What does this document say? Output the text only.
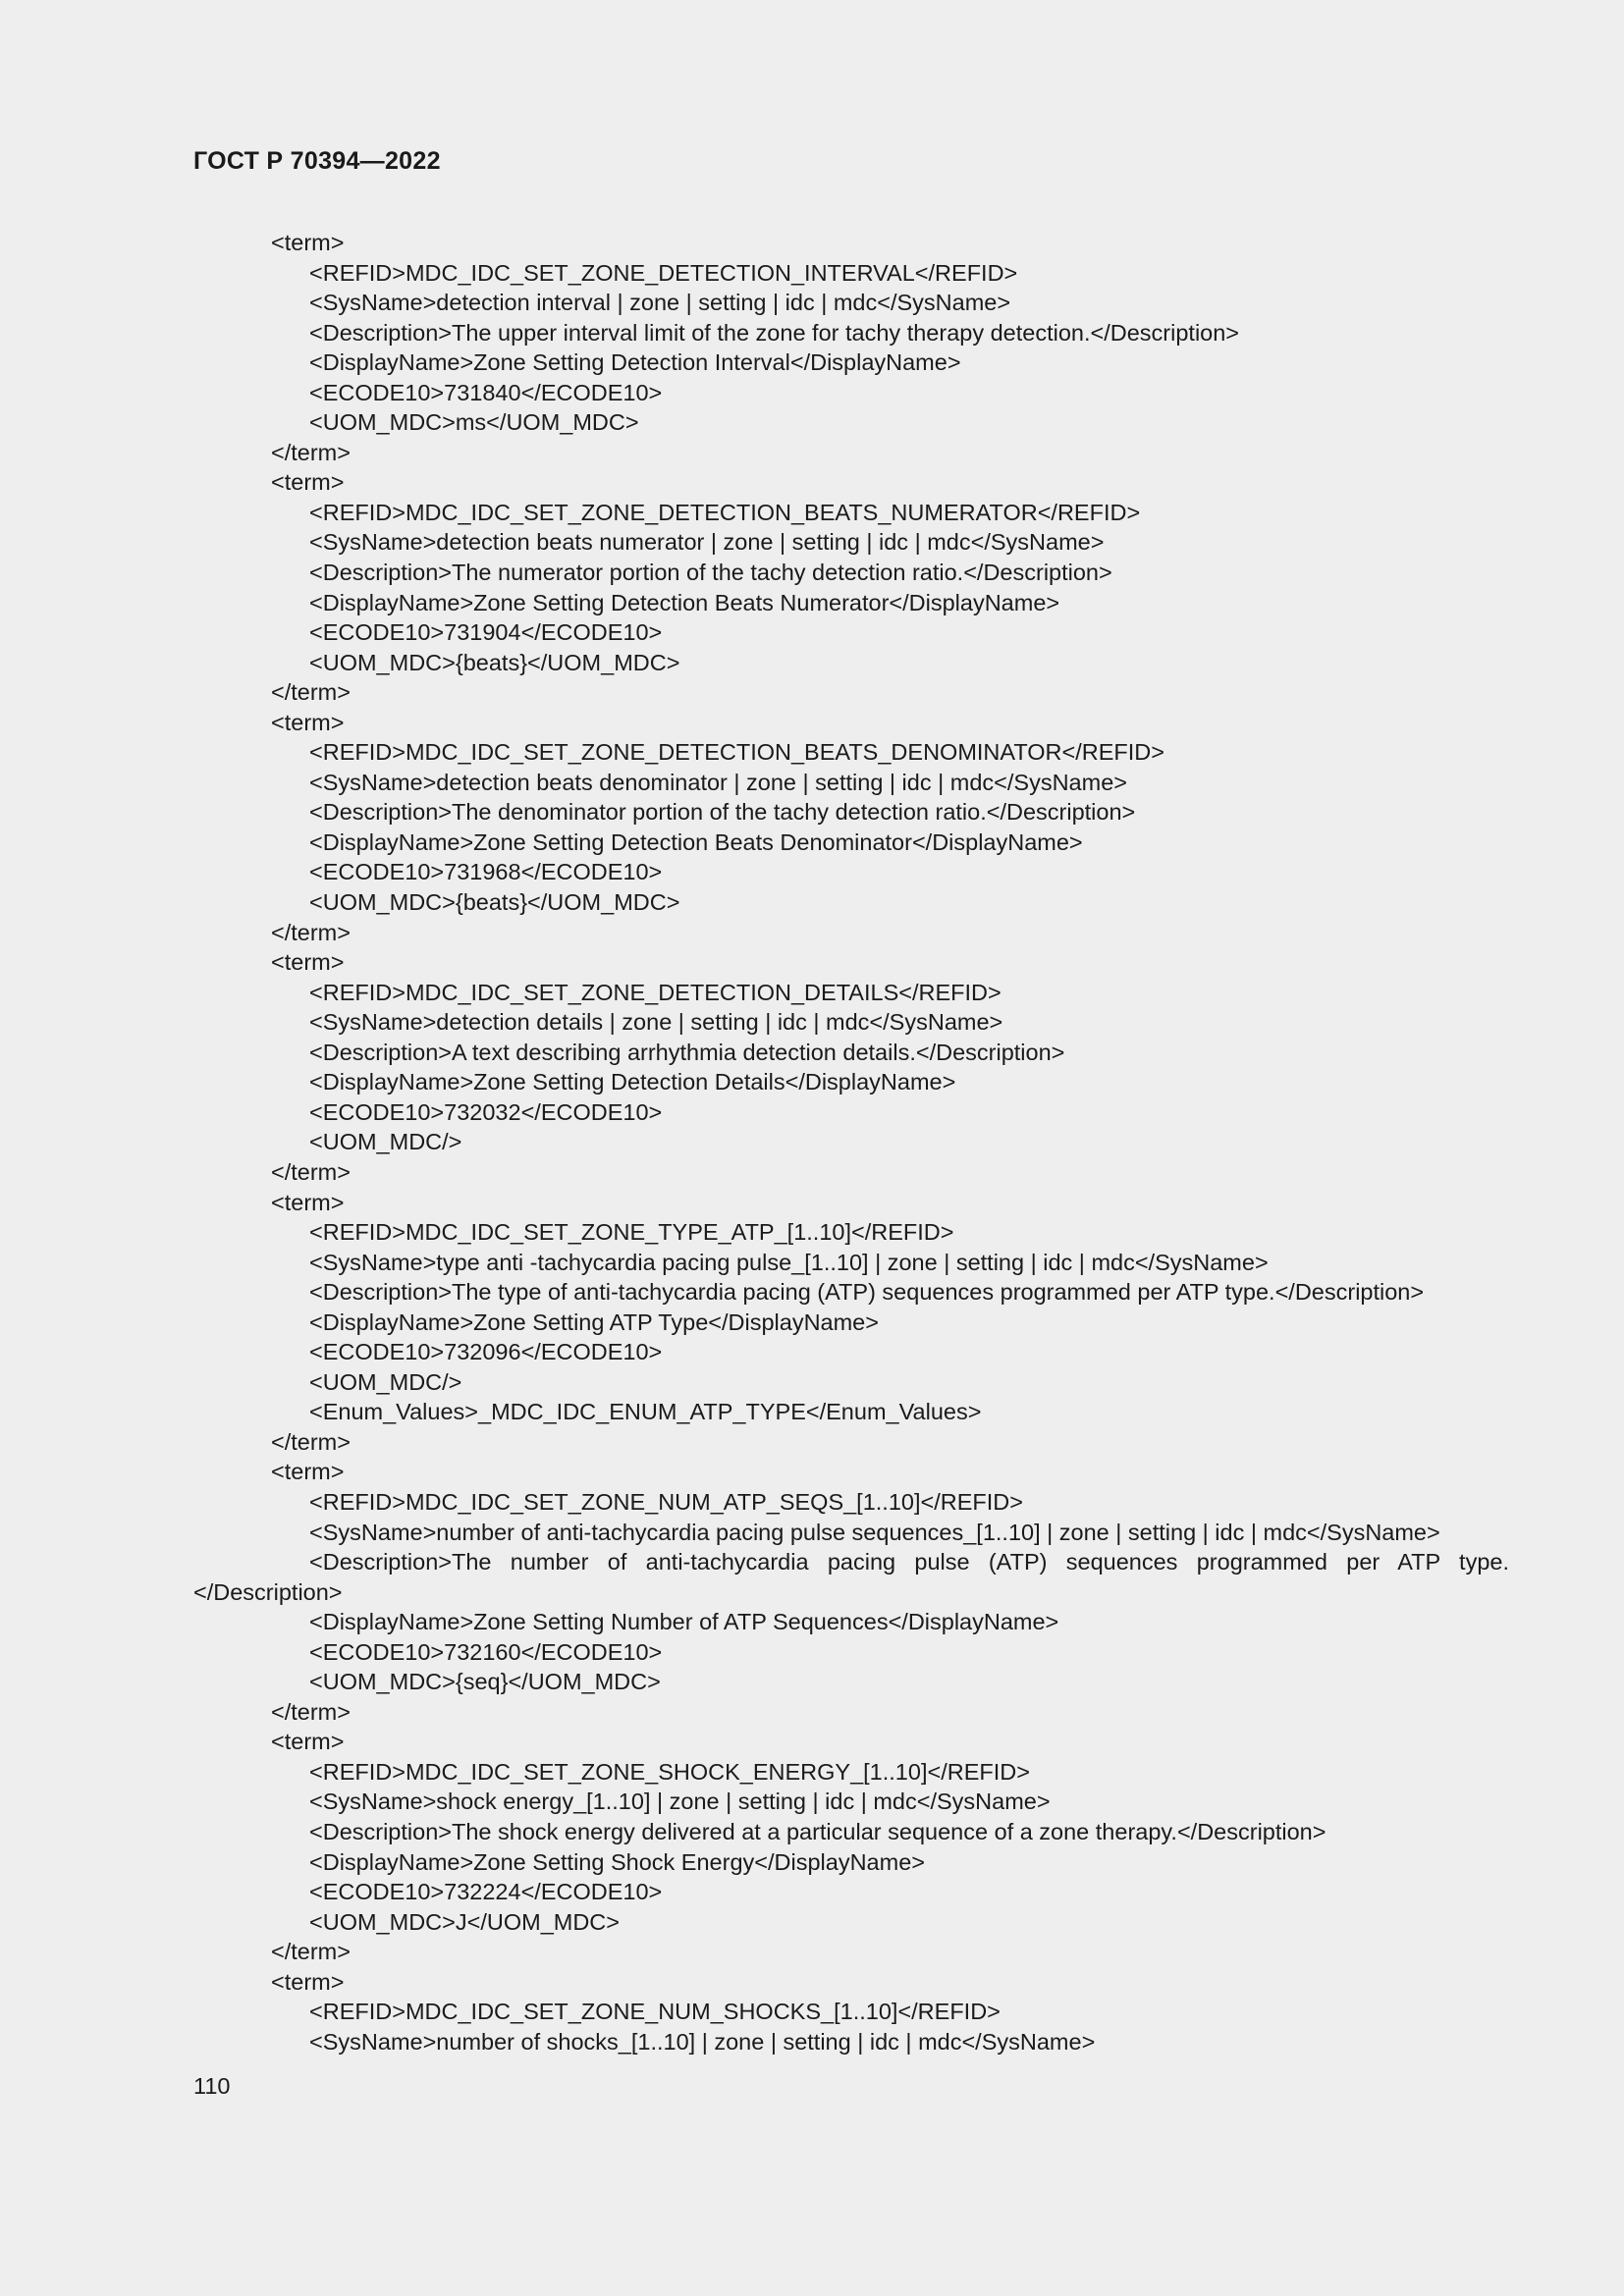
ГОСТ Р 70394—2022
<term>
<REFID>MDC_IDC_SET_ZONE_DETECTION_INTERVAL</REFID>
<SysName>detection interval | zone | setting | idc | mdc</SysName>
<Description>The upper interval limit of the zone for tachy therapy detection.</Description>
<DisplayName>Zone Setting Detection Interval</DisplayName>
<ECODE10>731840</ECODE10>
<UOM_MDC>ms</UOM_MDC>
</term>
<term>
<REFID>MDC_IDC_SET_ZONE_DETECTION_BEATS_NUMERATOR</REFID>
<SysName>detection beats numerator | zone | setting | idc | mdc</SysName>
<Description>The numerator portion of the tachy detection ratio.</Description>
<DisplayName>Zone Setting Detection Beats Numerator</DisplayName>
<ECODE10>731904</ECODE10>
<UOM_MDC>{beats}</UOM_MDC>
</term>
<term>
<REFID>MDC_IDC_SET_ZONE_DETECTION_BEATS_DENOMINATOR</REFID>
<SysName>detection beats denominator | zone | setting | idc | mdc</SysName>
<Description>The denominator portion of the tachy detection ratio.</Description>
<DisplayName>Zone Setting Detection Beats Denominator</DisplayName>
<ECODE10>731968</ECODE10>
<UOM_MDC>{beats}</UOM_MDC>
</term>
<term>
<REFID>MDC_IDC_SET_ZONE_DETECTION_DETAILS</REFID>
<SysName>detection details | zone | setting | idc | mdc</SysName>
<Description>A text describing arrhythmia detection details.</Description>
<DisplayName>Zone Setting Detection Details</DisplayName>
<ECODE10>732032</ECODE10>
<UOM_MDC/>
</term>
<term>
<REFID>MDC_IDC_SET_ZONE_TYPE_ATP_[1..10]</REFID>
<SysName>type anti -tachycardia pacing pulse_[1..10] | zone | setting | idc | mdc</SysName>
<Description>The type of anti-tachycardia pacing (ATP) sequences programmed per ATP type.</Description>
<DisplayName>Zone Setting ATP Type</DisplayName>
<ECODE10>732096</ECODE10>
<UOM_MDC/>
<Enum_Values>_MDC_IDC_ENUM_ATP_TYPE</Enum_Values>
</term>
<term>
<REFID>MDC_IDC_SET_ZONE_NUM_ATP_SEQS_[1..10]</REFID>
<SysName>number of anti-tachycardia pacing pulse sequences_[1..10] | zone | setting | idc | mdc</SysName>
<Description>The number of anti-tachycardia pacing pulse (ATP) sequences programmed per ATP type.</Description>
<DisplayName>Zone Setting Number of ATP Sequences</DisplayName>
<ECODE10>732160</ECODE10>
<UOM_MDC>{seq}</UOM_MDC>
</term>
<term>
<REFID>MDC_IDC_SET_ZONE_SHOCK_ENERGY_[1..10]</REFID>
<SysName>shock energy_[1..10] | zone | setting | idc | mdc</SysName>
<Description>The shock energy delivered at a particular sequence of a zone therapy.</Description>
<DisplayName>Zone Setting Shock Energy</DisplayName>
<ECODE10>732224</ECODE10>
<UOM_MDC>J</UOM_MDC>
</term>
<term>
<REFID>MDC_IDC_SET_ZONE_NUM_SHOCKS_[1..10]</REFID>
<SysName>number of shocks_[1..10] | zone | setting | idc | mdc</SysName>
110
